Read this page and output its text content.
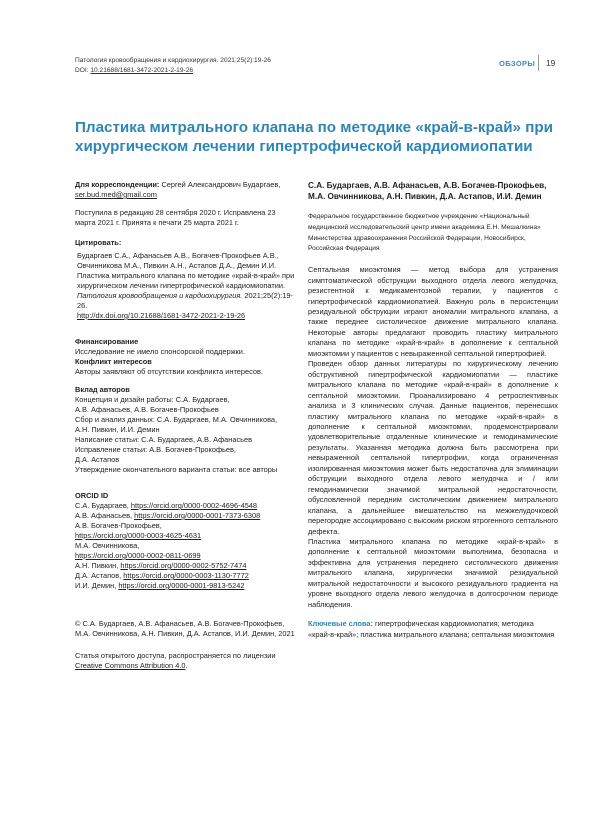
Патология кровообращения и кардиохирургия. 2021;25(2):19-26
DOI: 10.21688/1681-3472-2021-2-19-26
ОБЗОРЫ 19
Пластика митрального клапана по методике «край-в-край» при хирургическом лечении гипертрофической кардиомиопатии
Для корреспонденции: Сергей Александрович Бударгаев, ser.bud.med@gmail.com
Поступила в редакцию 28 сентября 2020 г. Исправлена 23 марта 2021 г. Принята к печати 25 марта 2021 г.

Цитировать:

Бударгаев С.А., Афанасьев А.В., Богачев-Прокофьев А.В., Овчинникова М.А., Пивкин А.Н., Астапов Д.А., Демин И.И. Пластика митрального клапана по методике «край-в-край» при хирургическом лечении гипертрофической кардиомиопатии. Патология кровообращения и кардиохирургия. 2021;25(2):19-26.
http://dx.doi.org/10.21688/1681-3472-2021-2-19-26

Финансирование

Исследование не имело спонсорской поддержки.

Конфликт интересов

Авторы заявляют об отсутствии конфликта интересов.

Вклад авторов

Концепция и дизайн работы: С.А. Бударгаев,

А.В. Афанасьев, А.В. Богачев-Прокофьев

Сбор и анализ данных: С.А. Бударгаев, М.А. Овчинникова,

А.Н. Пивкин, И.И. Демин

Написание статьи: С.А. Бударгаев, А.В. Афанасьев

Исправление статьи: А.В. Богачев-Прокофьев,

Д.А. Астапов

Утверждение окончательного варианта статьи: все авторы

ORCID ID

С.А. Бударгаев, https://orcid.org/0000-0002-4696-4548

А.В. Афанасьев, https://orcid.org/0000-0001-7373-6308

А.В. Богачев-Прокофьев,

https://orcid.org/0000-0003-4625-4631

М.А. Овчинникова,

https://orcid.org/0000-0002-0811-0699

А.Н. Пивкин, https://orcid.org/0000-0002-5752-7474

Д.А. Астапов, https://orcid.org/0000-0003-1130-7772

И.И. Демин, https://orcid.org/0000-0001-9813-5242

© С.А. Бударгаев, А.В. Афанасьев, А.В. Богачев-Прокофьев, М.А. Овчинникова, А.Н. Пивкин, Д.А. Астапов, И.И. Демин, 2021
Статья открытого доступа, распространяется по лицензии Creative Commons Attribution 4.0.

С.А. Бударгаев, А.В. Афанасьев, А.В. Богачев-Прокофьев, М.А. Овчинникова, А.Н. Пивкин, Д.А. Астапов, И.И. Демин

Федеральное государственное бюджетное учреждение «Национальный медицинский исследовательский центр имени академика Е.Н. Мешалкина» Министерства здравоохранения Российской Федерации, Новосибирск, Российская Федерация

Септальная миоэктомия — метод выбора для устранения симптоматической обструкции выходного отдела левого желудочка, резистентной к медикаментозной терапии, у пациентов с гипертрофической кардиомиопатией. Важную роль в персистенции резидуальной обструкции играют аномалии митрального клапана, а также переднее систолическое движение митрального клапана. Некоторые авторы предлагают проводить пластику митрального клапана по методике «край-в-край» в дополнение к септальной миоэктомии у пациентов с невыраженной септальной гипертрофией.

Проведен обзор данных литературы по хирургическому лечению обструктивной гипертрофической кардиомиопатии — пластике митрального клапана по методике «край-в-край» в дополнение к септальной миоэктомии. Проанализировано 4 ретроспективных анализа и 3 клинических случая. Данные пациентов, перенесших пластику митрального клапана по методике «край-в-край» в дополнение к септальной миоэктомии, продемонстрировали удовлетворительные отдаленные клинические и гемодинамические результаты. Указанная методика должна быть рассмотрена при невыраженной септальной гипертрофии, когда ограниченная изолированная миоэктомия может быть недостаточна для элиминации обструкции выходного отдела левого желудочка и / или гемодинамически значимой митральной недостаточности, обусловленной передним систолическим движением митрального клапана, а дальнейшее вмешательство на межжелудочковой перегородке ассоциировано с высоким риском ятрогенного септального дефекта.

Пластика митрального клапана по методике «край-в-край» в дополнение к септальной миоэктомии выполнима, безопасна и эффективна для устранения переднего систолического движения митрального клапана, хирургически значимой резидуальной митральной недостаточности и высокого резидуального градиента на уровне выходного отдела левого желудочка в долгосрочном периоде наблюдения.

Ключевые слова: гипертрофическая кардиомиопатия; методика «край-в-край»; пластика митрального клапана; септальная миоэктомия
